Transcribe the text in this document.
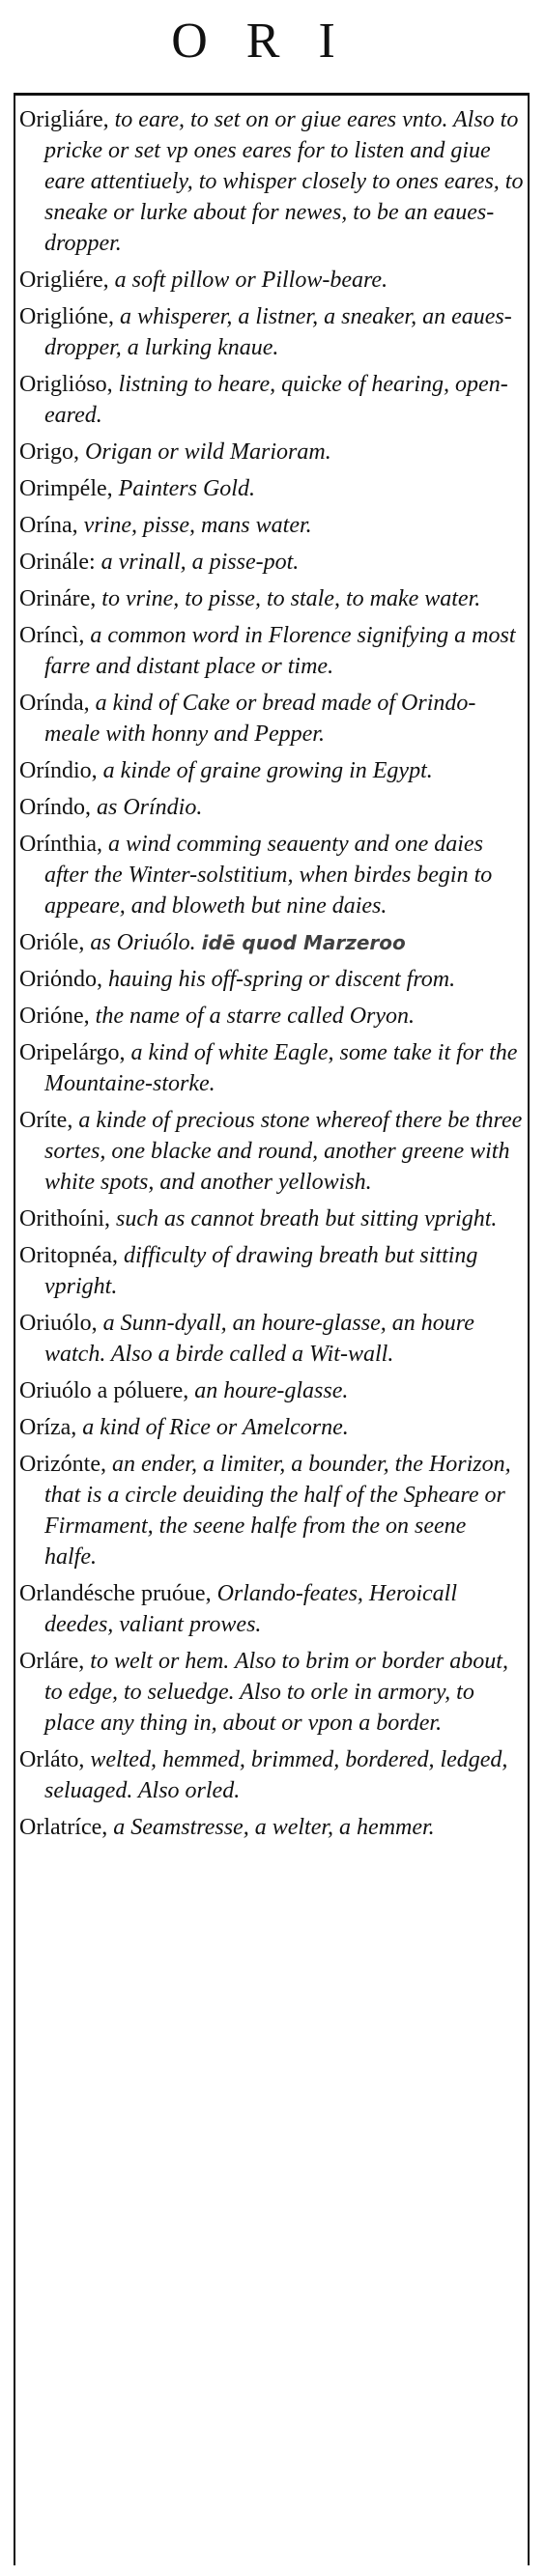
ORI

Origliáre, to eare, to set on or giue eares vnto. Also to pricke or set vp ones eares for to listen and giue eare attentiuely, to whisper closely to ones eares, to sneake or lurke about for newes, to be an eaues-dropper.

Origliére, a soft pillow or Pillow-beare.

Origlióne, a whisperer, a listner, a sneaker, an eaues-dropper, a lurking knaue.

Origliόso, listning to heare, quicke of hearing, open-eared.

Origo, Origan or wild Marioram.

Orimpéle, Painters Gold.

Orína, vrine, pisse, mans water.

Orinále: a vrinall, a pisse-pot.

Orináre, to vrine, to pisse, to stale, to make water.

Oríncì, a common word in Florence signifying a most farre and distant place or time.

Orínda, a kind of Cake or bread made of Orindo-meale with honny and Pepper.

Oríndio, a kinde of graine growing in Egypt.

Oríndo, as Oríndio.

Orínthia, a wind comming seauenty and one daies after the Winter-solstitium, when birdes begin to appeare, and bloweth but nine daies.

Orióle, as Oriuólo. idē quod Marzeroo

Oriόndo, hauing his off-spring or discent from.

Orióne, the name of a starre called Oryon.

Oripelárgo, a kind of white Eagle, some take it for the Mountaine-storke.

Oríte, a kinde of precious stone whereof there be three sortes, one blacke and round, another greene with white spots, and another yellowish.

Orithoíni, such as cannot breath but sitting vpright.

Oritopnéa, difficulty of drawing breath but sitting vpright.

Oriuólo, a Sunn-dyall, an houre-glasse, an houre watch. Also a birde called a Wit-wall.

Oriuólo a póluere, an houre-glasse.

Oríza, a kind of Rice or Amelcorne.

Orizónte, an ender, a limiter, a bounder, the Horizon, that is a circle deuiding the half of the Spheare or Firmament, the seene halfe from the on seene halfe.

Orlandésche pruóue, Orlando-feates, Heroicall deedes, valiant prowes.

Orláre, to welt or hem. Also to brim or border about, to edge, to seluedge. Also to orle in armory, to place any thing in, about or vpon a border.

Orláto, welted, hemmed, brimmed, bordered, ledged, seluaged. Also orled.

Orlatríce, a Seamstresse, a welter, a hemmer.
